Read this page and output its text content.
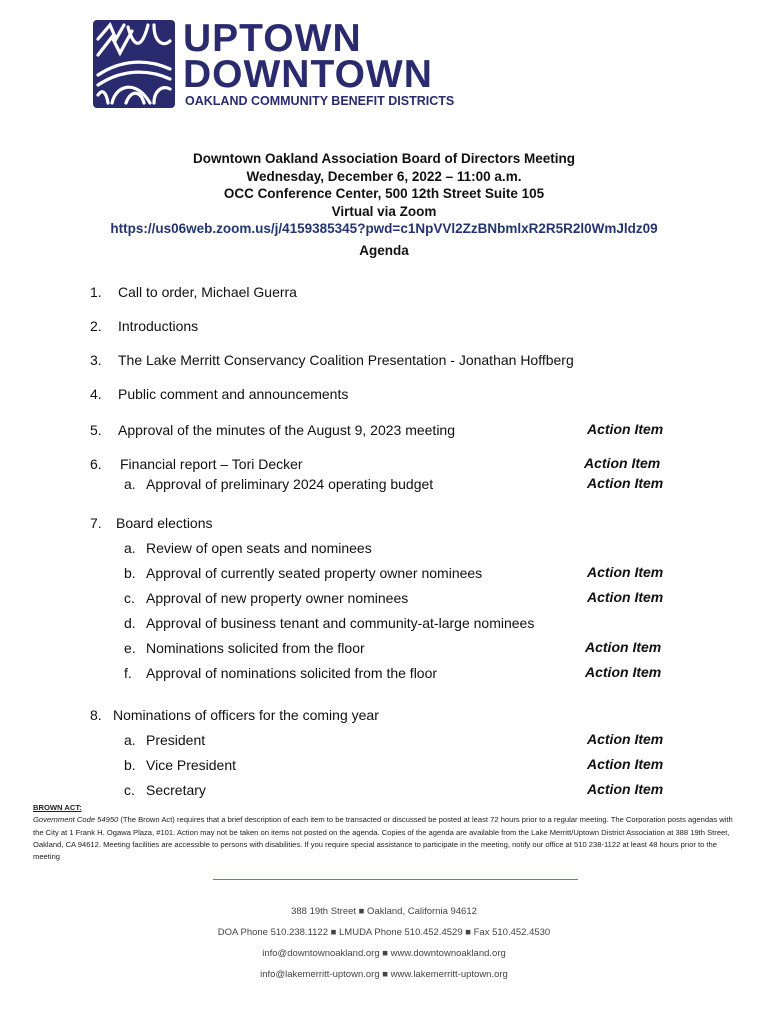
UPTOWN
DOWNTOWN
OAKLAND COMMUNITY BENEFIT DISTRICTS
Downtown Oakland Association Board of Directors Meeting
Wednesday, December 6, 2022 – 11:00 a.m.
OCC Conference Center, 500 12th Street Suite 105
Virtual via Zoom
https://us06web.zoom.us/j/4159385345?pwd=c1NpVVl2ZzBNbmlxR2R5R2l0WmJldz09
Agenda
1. Call to order, Michael Guerra
2. Introductions
3. The Lake Merritt Conservancy Coalition Presentation - Jonathan Hoffberg
4. Public comment and announcements
5. Approval of the minutes of the August 9, 2023 meeting	Action Item
6. Financial report – Tori Decker	Action Item
a. Approval of preliminary 2024 operating budget	Action Item
7. Board elections
a. Review of open seats and nominees
b. Approval of currently seated property owner nominees	Action Item
c. Approval of new property owner nominees	Action Item
d. Approval of business tenant and community-at-large nominees
e. Nominations solicited from the floor	Action Item
f. Approval of nominations solicited from the floor	Action Item
8. Nominations of officers for the coming year
a. President	Action Item
b. Vice President	Action Item
c. Secretary	Action Item
BROWN ACT:
Government Code 54950 (The Brown Act) requires that a brief description of each item to be transacted or discussed be posted at least 72 hours prior to a regular meeting. The Corporation posts agendas with the City at 1 Frank H. Ogawa Plaza, #101. Action may not be taken on items not posted on the agenda. Copies of the agenda are available from the Lake Merritt/Uptown District Association at 388 19th Street, Oakland, CA 94612. Meeting facilities are accessible to persons with disabilities. If you require special assistance to participate in the meeting, notify our office at 510 238-1122 at least 48 hours prior to the meeting
388 19th Street ■ Oakland, California 94612
DOA Phone 510.238.1122 ■ LMUDA Phone 510.452.4529 ■ Fax 510.452.4530
info@downtownoakland.org ■ www.downtownoakland.org
info@lakemerritt-uptown.org ■ www.lakemerritt-uptown.org
